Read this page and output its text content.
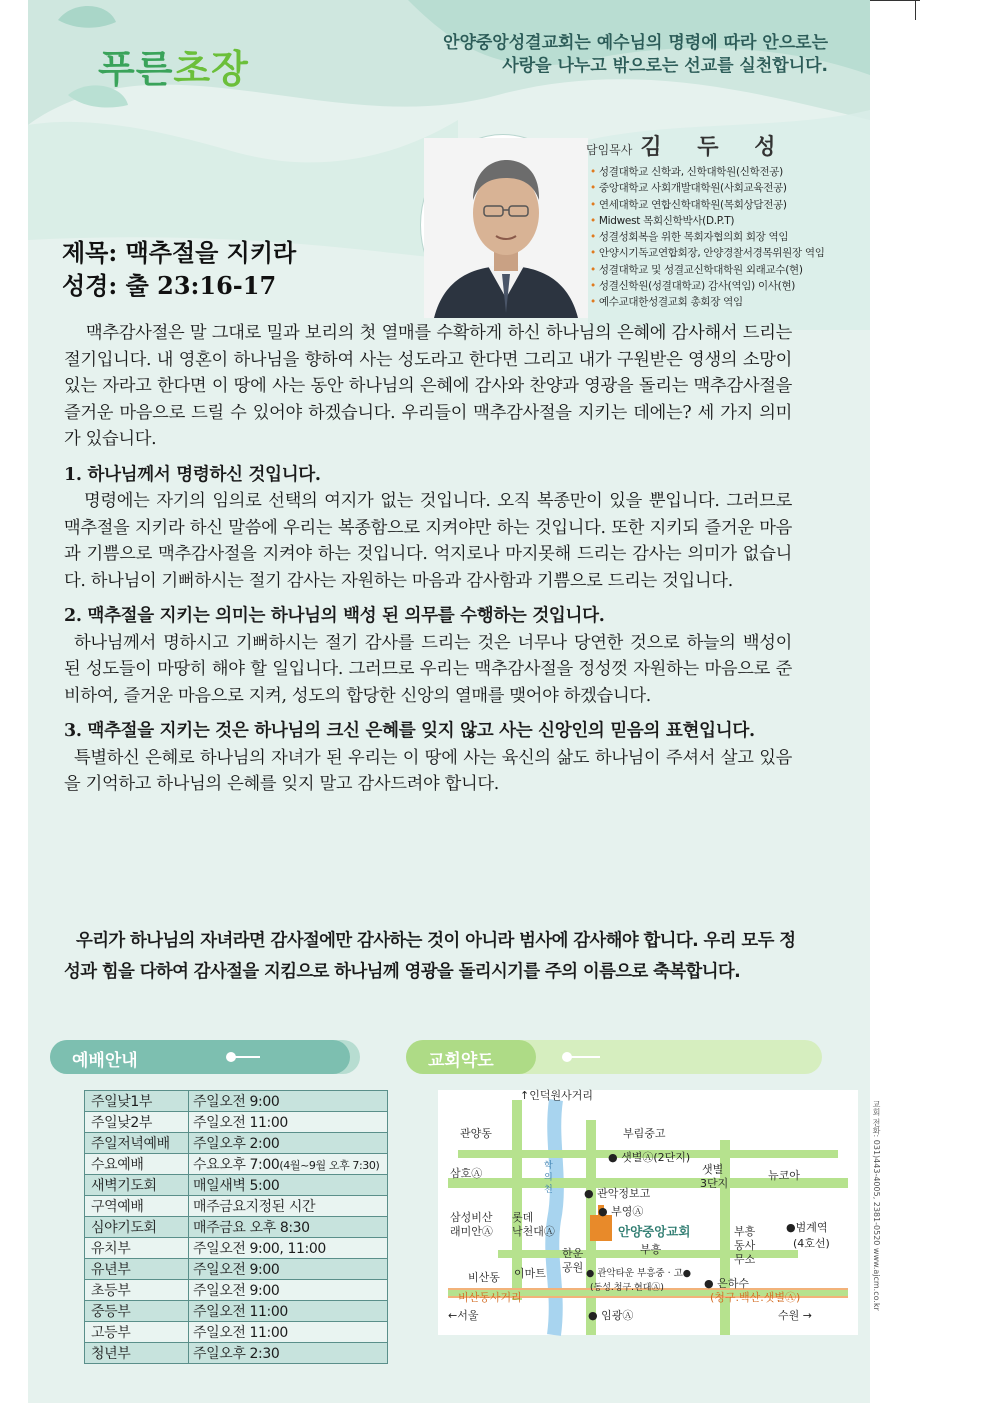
푸른초장
안양중앙성결교회는 예수님의 명령에 따라 안으로는
사랑을 나누고 밖으로는 선교를 실천합니다.
담임목사 김 두 성
• 성결대학교 신학과, 신학대학원(신학전공)
• 중앙대학교 사회개발대학원(사회교육전공)
• 연세대학교 연합신학대학원(목회상담전공)
• Midwest 목회신학박사(D.P.T)
• 성결성회복을 위한 목회자협의회 회장 역임
• 안양시기독교연합회장, 안양경찰서경목위원장 역임
• 성결대학교 및 성결교신학대학원 외래교수(현)
• 성결신학원(성결대학교) 감사(역임) 이사(현)
• 예수교대한성결교회 총회장 역임
제목: 맥추절을 지키라
성경: 출 23:16-17

맥추감사절은 말 그대로 밀과 보리의 첫 열매를 수확하게 하신 하나님의 은혜에 감사해서 드리는 절기입니다. 내 영혼이 하나님을 향하여 사는 성도라고 한다면 그리고 내가 구원받은 영생의 소망이 있는 자라고 한다면 이 땅에 사는 동안 하나님의 은혜에 감사와 찬양과 영광을 돌리는 맥추감사절을 즐거운 마음으로 드릴 수 있어야 하겠습니다. 우리들이 맥추감사절을 지키는 데에는? 세 가지 의미가 있습니다.

1. 하나님께서 명령하신 것입니다.

명령에는 자기의 임의로 선택의 여지가 없는 것입니다. 오직 복종만이 있을 뿐입니다. 그러므로 맥추절을 지키라 하신 말씀에 우리는 복종함으로 지켜야만 하는 것입니다. 또한 지키되 즐거운 마음과 기쁨으로 맥추감사절을 지켜야 하는 것입니다. 억지로나 마지못해 드리는 감사는 의미가 없습니다. 하나님이 기뻐하시는 절기 감사는 자원하는 마음과 감사함과 기쁨으로 드리는 것입니다.

2. 맥추절을 지키는 의미는 하나님의 백성 된 의무를 수행하는 것입니다.

하나님께서 명하시고 기뻐하시는 절기 감사를 드리는 것은 너무나 당연한 것으로 하늘의 백성이 된 성도들이 마땅히 해야 할 일입니다. 그러므로 우리는 맥추감사절을 정성껏 자원하는 마음으로 준비하여, 즐거운 마음으로 지켜, 성도의 합당한 신앙의 열매를 맺어야 하겠습니다.

3. 맥추절을 지키는 것은 하나님의 크신 은혜를 잊지 않고 사는 신앙인의 믿음의 표현입니다.

특별하신 은혜로 하나님의 자녀가 된 우리는 이 땅에 사는 육신의 삶도 하나님이 주셔서 살고 있음을 기억하고 하나님의 은혜를 잊지 말고 감사드려야 합니다.

우리가 하나님의 자녀라면 감사절에만 감사하는 것이 아니라 범사에 감사해야 합니다. 우리 모두 정성과 힘을 다하여 감사절을 지킴으로 하나님께 영광을 돌리시기를 주의 이름으로 축복합니다.

예배안내
주일낮1부	주일오전 9:00
주일낮2부	주일오전 11:00
주일저녁예배	주일오후 2:00
수요예배	수요오후 7:00(4월~9월 오후 7:30)
새벽기도회	매일새벽 5:00
구역예배	매주금요지정된 시간
심야기도회	매주금요 오후 8:30
유치부	주일오전 9:00, 11:00
유년부	주일오전 9:00
초등부	주일오전 9:00
중등부	주일오전 11:00
고등부	주일오전 11:00
청년부	주일오후 2:30
교회약도
↑인덕원사거리
관양동	부림중고
● 샛별Ⓐ(2단지)
샛별
3단지
뉴코아
삼호Ⓐ
학의천	● 관악정보고
삼성비산
래미안Ⓐ
롯데
낙천대Ⓐ
● 부영Ⓐ
안양중앙교회
부흥
부흥
동사
무소
●범계역
(4호선)
한운
공원
비산동 이마트	● 관악타운 부흥중 · 고●
(동성.청구.현대Ⓐ)	● 은하수
비산동사거리	(청구.백산.샛별Ⓐ)
←서울	● 임광Ⓐ	수원 →
교회 전화: 031)443-4005, 2381-0520 www.ajcm.co.kr
